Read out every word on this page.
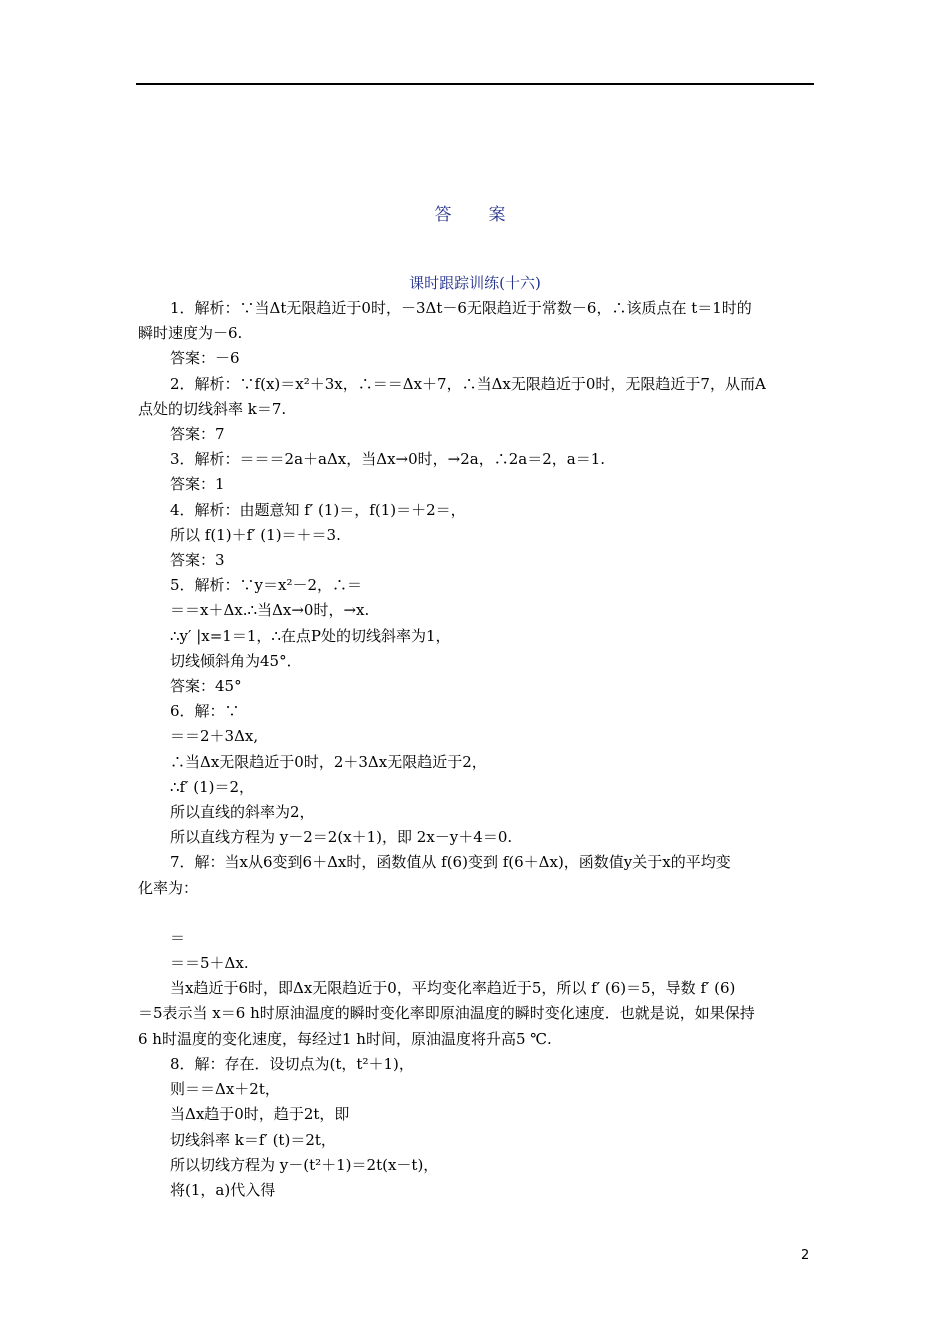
答　案
课时跟踪训练(十六)

1．解析：∵当Δt无限趋近于0时，－3Δt－6无限趋近于常数－6，∴该质点在 t＝1时的

瞬时速度为－6.

答案：－6

2．解析：∵f(x)＝x²＋3x，∴＝＝Δx＋7，∴当Δx无限趋近于0时，无限趋近于7，从而A

点处的切线斜率 k＝7.

答案：7

3．解析：＝＝＝2a＋aΔx，当Δx→0时，→2a，∴2a＝2，a＝1.

答案：1

4．解析：由题意知 f′ (1)＝，f(1)＝＋2＝，

所以 f(1)＋f′ (1)＝＋＝3.

答案：3

5．解析：∵y＝x²－2，∴＝

＝＝x＋Δx.∴当Δx→0时，→x.

∴y′ |x=1＝1，∴在点P处的切线斜率为1，

切线倾斜角为45°．

答案：45°

6．解：∵

＝＝2＋3Δx,

∴当Δx无限趋近于0时，2＋3Δx无限趋近于2，

∴f′ (1)＝2，

所以直线的斜率为2，

所以直线方程为 y－2＝2(x＋1)，即 2x－y＋4＝0.

7．解：当x从6变到6＋Δx时，函数值从 f(6)变到 f(6＋Δx)，函数值y关于x的平均变

化率为：

＝

＝＝5＋Δx.

当x趋近于6时，即Δx无限趋近于0，平均变化率趋近于5，所以 f′ (6)＝5，导数 f′ (6)

＝5表示当 x＝6 h时原油温度的瞬时变化率即原油温度的瞬时变化速度．也就是说，如果保持

6 h时温度的变化速度，每经过1 h时间，原油温度将升高5 ℃.

8．解：存在．设切点为(t，t²＋1)，

则＝＝Δx＋2t，

当Δx趋于0时，趋于2t，即

切线斜率 k＝f′ (t)＝2t，

所以切线方程为 y－(t²＋1)＝2t(x－t)，

将(1，a)代入得

2
